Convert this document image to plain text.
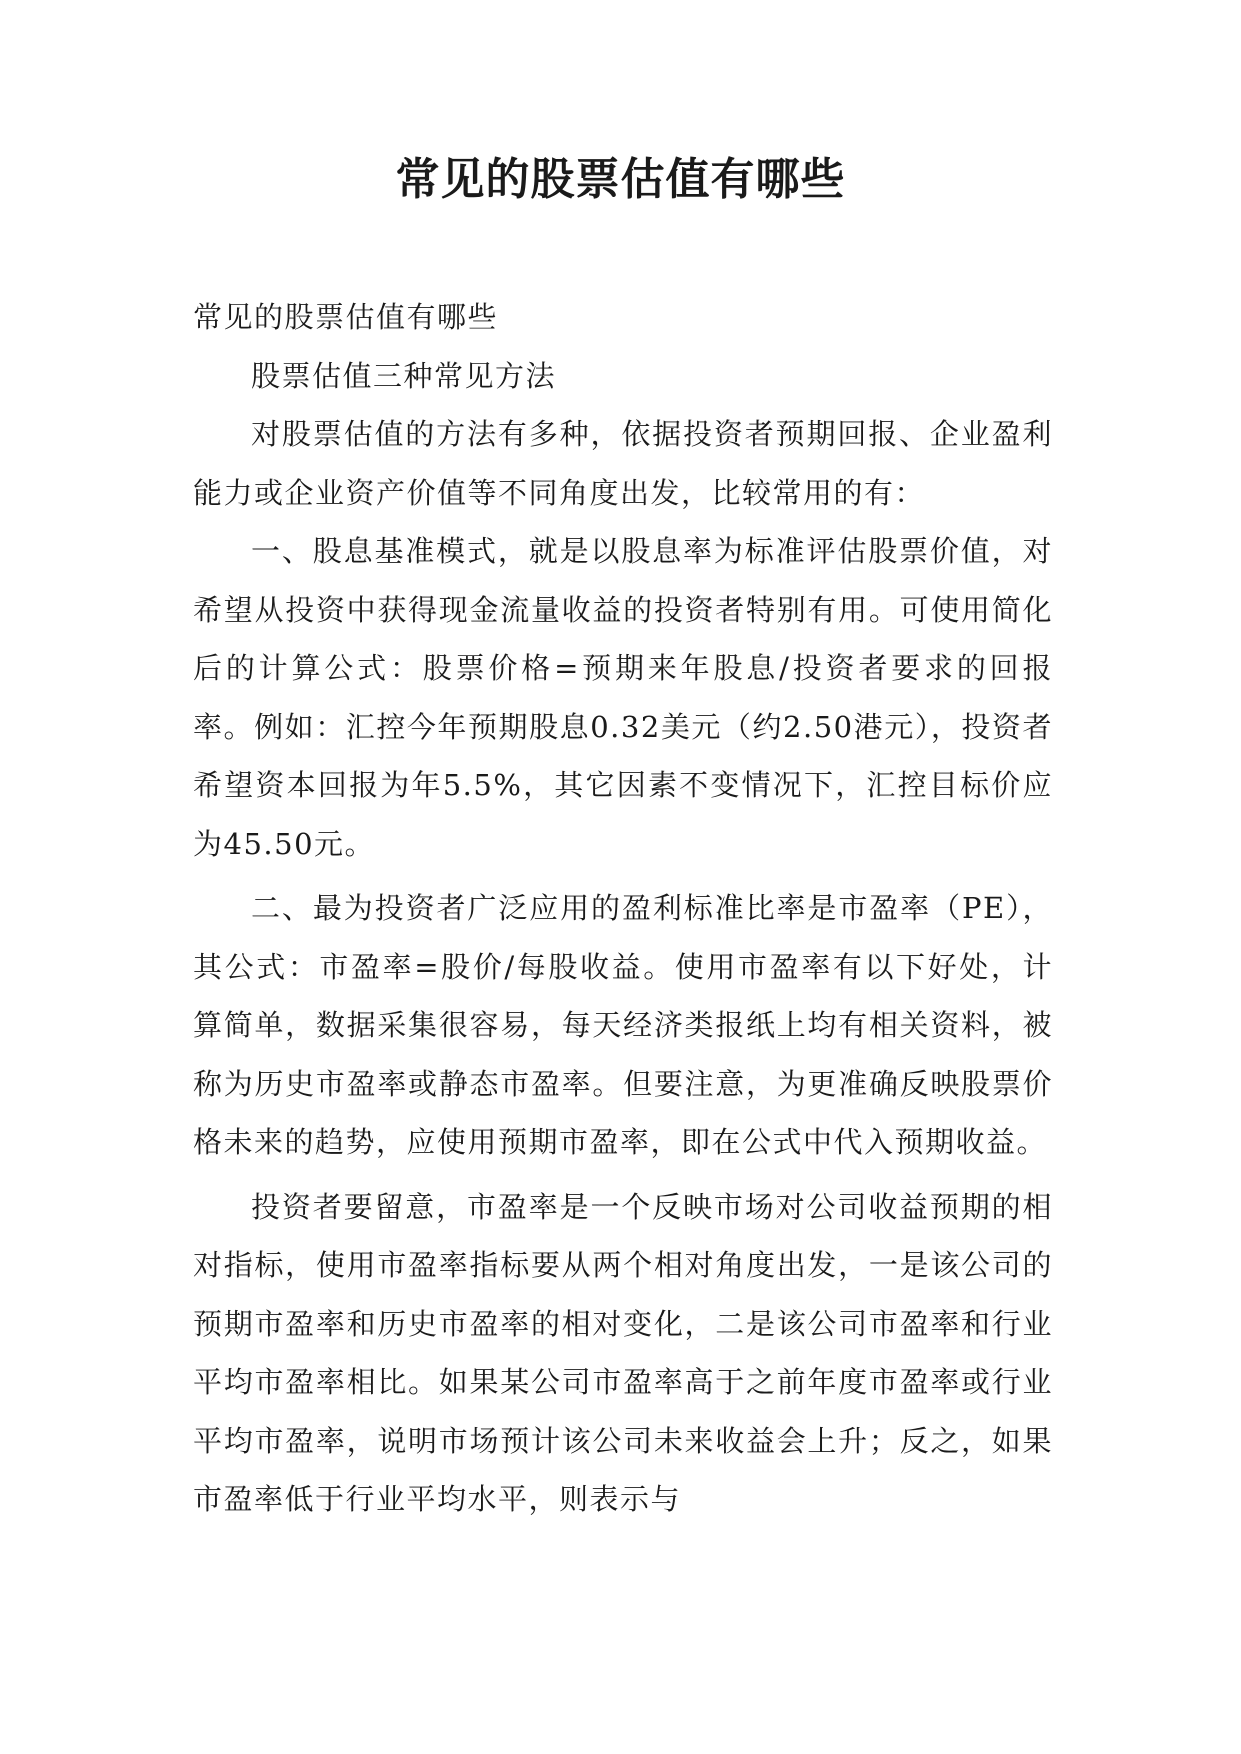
常见的股票估值有哪些

常见的股票估值有哪些

股票估值三种常见方法

对股票估值的方法有多种，依据投资者预期回报、企业盈利能力或企业资产价值等不同角度出发，比较常用的有：

一、股息基准模式，就是以股息率为标准评估股票价值，对希望从投资中获得现金流量收益的投资者特别有用。可使用简化后的计算公式：股票价格=预期来年股息/投资者要求的回报率。例如：汇控今年预期股息0.32美元（约2.50港元），投资者希望资本回报为年5.5%，其它因素不变情况下，汇控目标价应为45.50元。

二、最为投资者广泛应用的盈利标准比率是市盈率（PE），其公式：市盈率=股价/每股收益。使用市盈率有以下好处，计算简单，数据采集很容易，每天经济类报纸上均有相关资料，被称为历史市盈率或静态市盈率。但要注意，为更准确反映股票价格未来的趋势，应使用预期市盈率，即在公式中代入预期收益。

投资者要留意，市盈率是一个反映市场对公司收益预期的相对指标，使用市盈率指标要从两个相对角度出发，一是该公司的预期市盈率和历史市盈率的相对变化，二是该公司市盈率和行业平均市盈率相比。如果某公司市盈率高于之前年度市盈率或行业平均市盈率，说明市场预计该公司未来收益会上升；反之，如果市盈率低于行业平均水平，则表示与
